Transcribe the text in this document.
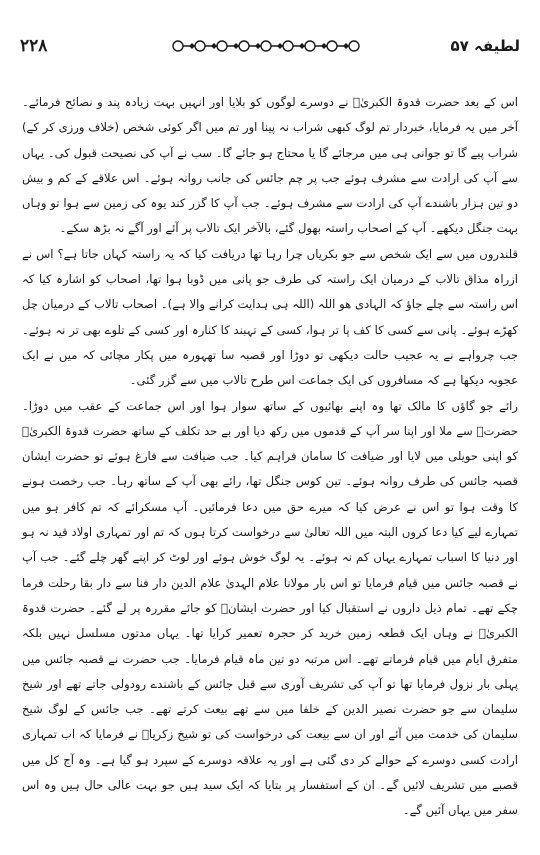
۲۲۸	لطیفہ ۵۷

اس کے بعد حضرت قدوۃ الکبریٰؒ نے دوسرے لوگوں کو بلایا اور انہیں بہت زیادہ پند و نصائح فرمائے۔ آخر میں یہ فرمایا، خبردار تم لوگ کبھی شراب نہ پینا اور تم میں اگر کوئی شخص (خلاف ورزی کر کے) شراب پیے گا تو جوانی ہی میں مرجائے گا یا محتاج ہو جائے گا۔ سب نے آپ کی نصیحت قبول کی۔ یہاں سے آپ کی ارادت سے مشرف ہوئے جب پر چم جائس کی جانب روانہ ہوئے۔ اس علاقے کے کم و بیش دو تین ہزار باشندے آپ کی ارادت سے مشرف ہوئے۔ جب آپ کا گزر کند یوہ کی زمین سے ہوا تو وہاں بہت جنگل دیکھے۔ آپ کے اصحاب راستہ بھول گئے، بالآخر ایک تالاب پر آئے اور آگے نہ بڑھ سکے۔

قلندروں میں سے ایک شخص سے جو بکریاں چرا رہا تھا دریافت کیا کہ یہ راستہ کہاں جاتا ہے؟ اس نے ازراہ مذاق تالاب کے درمیان ایک راستہ کی طرف جو پانی میں ڈوبا ہوا تھا، اصحاب کو اشارہ کیا کہ اس راستہ سے چلے جاؤ کہ الہادی ھو اللہ (اللہ ہی ہدایت کرانے والا ہے)۔ اصحاب تالاب کے درمیان چل کھڑے ہوئے۔ پانی سے کسی کا کف پا تر ہوا، کسی کے تہبند کا کنارہ اور کسی کے تلوے بھی تر نہ ہوئے۔ جب چرواہے نے یہ عجیب حالت دیکھی تو دوڑا اور قصبہ سا تھہورہ میں پکار مچائی کہ میں نے ایک عجوبہ دیکھا ہے کہ مسافروں کی ایک جماعت اس طرح تالاب میں سے گزر گئی۔

رائے جو گاؤں کا مالک تھا وہ اپنے بھائیوں کے ساتھ سوار ہوا اور اس جماعت کے عقب میں دوڑا۔ حضرتؒ سے ملا اور اپنا سر آپ کے قدموں میں رکھ دیا اور بے حد تکلف کے ساتھ حضرت قدوۃ الکبریٰؒ کو اپنی حویلی میں لایا اور ضیافت کا سامان فراہم کیا۔ جب ضیافت سے فارغ ہوئے تو حضرت ایشان قصبہ جائس کی طرف روانہ ہوئے۔ تین کوس جنگل تھا، رائے بھی آپ کے ساتھ رہا۔ جب رخصت ہونے کا وقت ہوا تو اس نے عرض کیا کہ میرے حق میں دعا فرمائیں۔ آپ مسکرائے کہ تم کافر ہو میں تمہارے لیے کیا دعا کروں البتہ میں اللہ تعالیٰ سے درخواست کرتا ہوں کہ تم اور تمہاری اولاد قید نہ ہو اور دنیا کا اسباب تمہارے یہاں کم نہ ہوئے۔ یہ لوگ خوش ہوئے اور لوٹ کر اپنے گھر چلے گئے۔ جب آپ نے قصبہ جائس میں قیام فرمایا تو اس بار مولانا علام الہدیٰ علام الدین دار فنا سے دار بقا رحلت فرما چکے تھے۔ تمام ذیل داروں نے استقبال کیا اور حضرت ایشانؒ کو جائے مقررہ پر لے گئے۔ حضرت قدوۃ الکبریٰؒ نے وہاں ایک قطعہ زمین خرید کر حجرہ تعمیر کرایا تھا۔ یہاں مدتوں مسلسل نہیں بلکہ متفرق ایام میں قیام فرماتے تھے۔ اس مرتبہ دو تین ماہ قیام فرمایا۔ جب حضرت نے قصبہ جائس میں پہلی بار نزول فرمایا تھا تو آپ کی تشریف آوری سے قبل جائس کے باشندے رودولی جاتے تھے اور شیخ سلیمان سے جو حضرت نصیر الدین کے خلفا میں سے تھے بیعت کرتے تھے۔ جب جائس کے لوگ شیخ سلیمان کی خدمت میں آئے اور ان سے بیعت کی درخواست کی تو شیخ زکریاؒ نے فرمایا کہ اب تمہاری ارادت کسی دوسرے کے حوالے کر دی گئی ہے اور یہ علاقہ دوسرے کے سپرد ہو گیا ہے۔ وہ آج کل میں قصبے میں تشریف لائیں گے۔ ان کے استفسار پر بتایا کہ ایک سید ہیں جو بہت عالی حال ہیں وہ اس سفر میں یہاں آئیں گے۔
